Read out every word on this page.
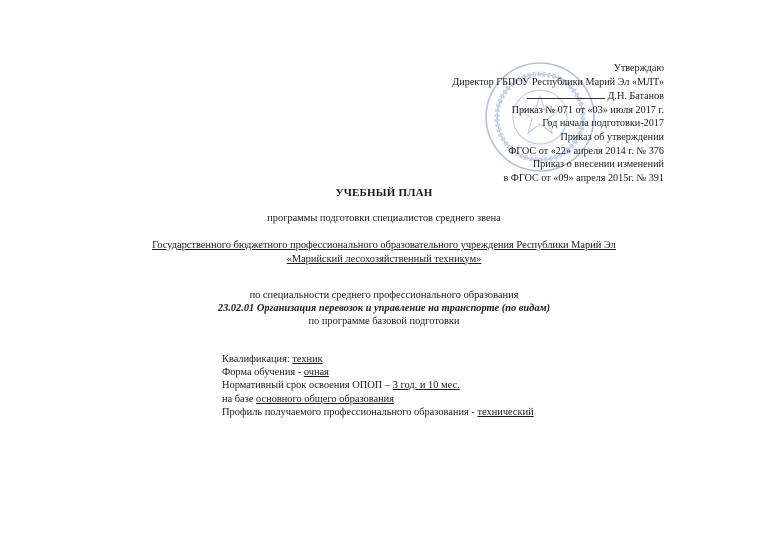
Утверждаю
Директор ГБПОУ Республики Марий Эл «МЛТ»
Д.Н. Батанов
Приказ № 071 от «03» июля 2017 г.
Год начала подготовки-2017
Приказ об утверждении
ФГОС от «22» апреля 2014 г. № 376
Приказ о внесении изменений
в ФГОС от «09» апреля 2015г. № 391
УЧЕБНЫЙ ПЛАН
программы подготовки специалистов среднего звена
Государственного бюджетного профессионального образовательного учреждения Республики Марий Эл
«Марийский лесохозяйственный техникум»
по специальности среднего профессионального образования
23.02.01 Организация перевозок и управление на транспорте (по видам)
по программе базовой подготовки
Квалификация: техник
Форма обучения - очная
Нормативный срок освоения ОПОП – 3 год. и 10 мес.
на базе основного общего образования
Профиль получаемого профессионального образования - технический
